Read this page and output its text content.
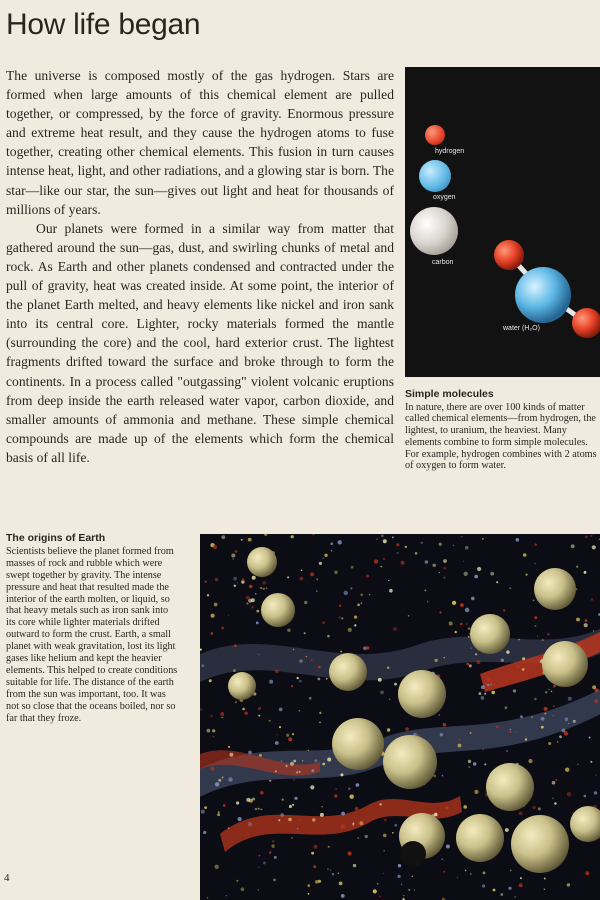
How life began

The universe is composed mostly of the gas hydrogen. Stars are formed when large amounts of this chemical element are pulled together, or compressed, by the force of gravity. Enormous pressure and extreme heat result, and they cause the hydrogen atoms to fuse together, creating other chemical elements. This fusion in turn causes intense heat, light, and other radiations, and a glowing star is born. The star—like our star, the sun—gives out light and heat for thousands of millions of years.

Our planets were formed in a similar way from matter that gathered around the sun—gas, dust, and swirling chunks of metal and rock. As Earth and other planets condensed and contracted under the pull of gravity, heat was created inside. At some point, the interior of the planet Earth melted, and heavy elements like nickel and iron sank into its central core. Lighter, rocky materials formed the mantle (surrounding the core) and the cool, hard exterior crust. The lightest fragments drifted toward the surface and broke through to form the continents. In a process called "outgassing" violent volcanic eruptions from deep inside the earth released water vapor, carbon dioxide, and smaller amounts of ammonia and methane. These simple chemical compounds are made up of the elements which form the chemical basis of all life.

hydrogen
oxygen
carbon
water (H₂O)
Simple molecules
In nature, there are over 100 kinds of matter called chemical elements—from hydrogen, the lightest, to uranium, the heaviest. Many elements combine to form simple molecules.
For example, hydrogen combines with 2 atoms of oxygen to form water.
The origins of Earth
Scientists believe the planet formed from masses of rock and rubble which were swept together by gravity. The intense pressure and heat that resulted made the interior of the earth molten, or liquid, so that heavy metals such as iron sank into its core while lighter materials drifted outward to form the crust. Earth, a small planet with weak gravitation, lost its light gases like helium and kept the heavier elements. This helped to create conditions suitable for life. The distance of the earth from the sun was important, too. It was not so close that the oceans boiled, nor so far that they froze.
4
